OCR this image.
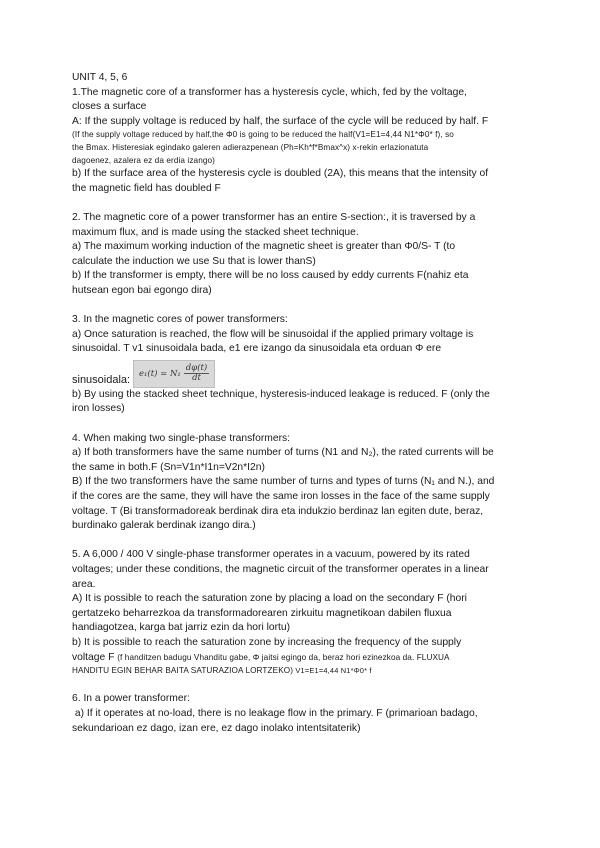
UNIT 4, 5, 6

1.The magnetic core of a transformer has a hysteresis cycle, which, fed by the voltage,

closes a surface

A: If the supply voltage is reduced by half, the surface of the cycle will be reduced by half. F

(If the supply voltage reduced by half,the Φ0 is going to be reduced the half(V1=E1=4,44 N1*Φ0* f), so

the Bmax. Histeresiak egindako galeren adierazpenean (Ph=Kh*f*Bmax^x) x-rekin erlazionatuta

dagoenez, azalera ez da erdia izango)

b) If the surface area of the hysteresis cycle is doubled (2A), this means that the intensity of

the magnetic field has doubled F

2. The magnetic core of a power transformer has an entire S-section:, it is traversed by a

maximum flux, and is made using the stacked sheet technique.

a) The maximum working induction of the magnetic sheet is greater than Φ0/S- T (to

calculate the induction we use Su that is lower thanS)

b) If the transformer is empty, there will be no loss caused by eddy currents F(nahiz eta

hutsean egon bai egongo dira)

3. In the magnetic cores of power transformers:

a) Once saturation is reached, the flow will be sinusoidal if the applied primary voltage is

sinusoidal. T v1 sinusoidala bada, e1 ere izango da sinusoidala eta orduan Φ ere

sinusoidala:
$e_1(t) = N_1 \frac{d\varphi(t)}{dt}$

b) By using the stacked sheet technique, hysteresis-induced leakage is reduced. F (only the

iron losses)

4. When making two single-phase transformers:

a) If both transformers have the same number of turns (N1 and N₂), the rated currents will be

the same in both.F (Sn=V1n*I1n=V2n*I2n)

B) If the two transformers have the same number of turns and types of turns (N₁ and N.), and

if the cores are the same, they will have the same iron losses in the face of the same supply

voltage. T (Bi transformadoreak berdinak dira eta indukzio berdinaz lan egiten dute, beraz,

burdinako galerak berdinak izango dira.)

5. A 6,000 / 400 V single-phase transformer operates in a vacuum, powered by its rated

voltages; under these conditions, the magnetic circuit of the transformer operates in a linear

area.

A) It is possible to reach the saturation zone by placing a load on the secondary F (hori

gertatzeko beharrezkoa da transformadorearen zirkuitu magnetikoan dabilen fluxua

handiagotzea, karga bat jarriz ezin da hori lortu)

b) It is possible to reach the saturation zone by increasing the frequency of the supply

voltage F (f handitzen badugu Vhanditu gabe, Φ jaitsi egingo da, beraz hori ezinezkoa da. FLUXUA

HANDITU EGIN BEHAR BAITA SATURAZIOA LORTZEKO) V1=E1=4,44 N1*Φ0* f

6. In a power transformer:

a) If it operates at no-load, there is no leakage flow in the primary. F (primarioan badago,

sekundarioan ez dago, izan ere, ez dago inolako intentsitaterik)
